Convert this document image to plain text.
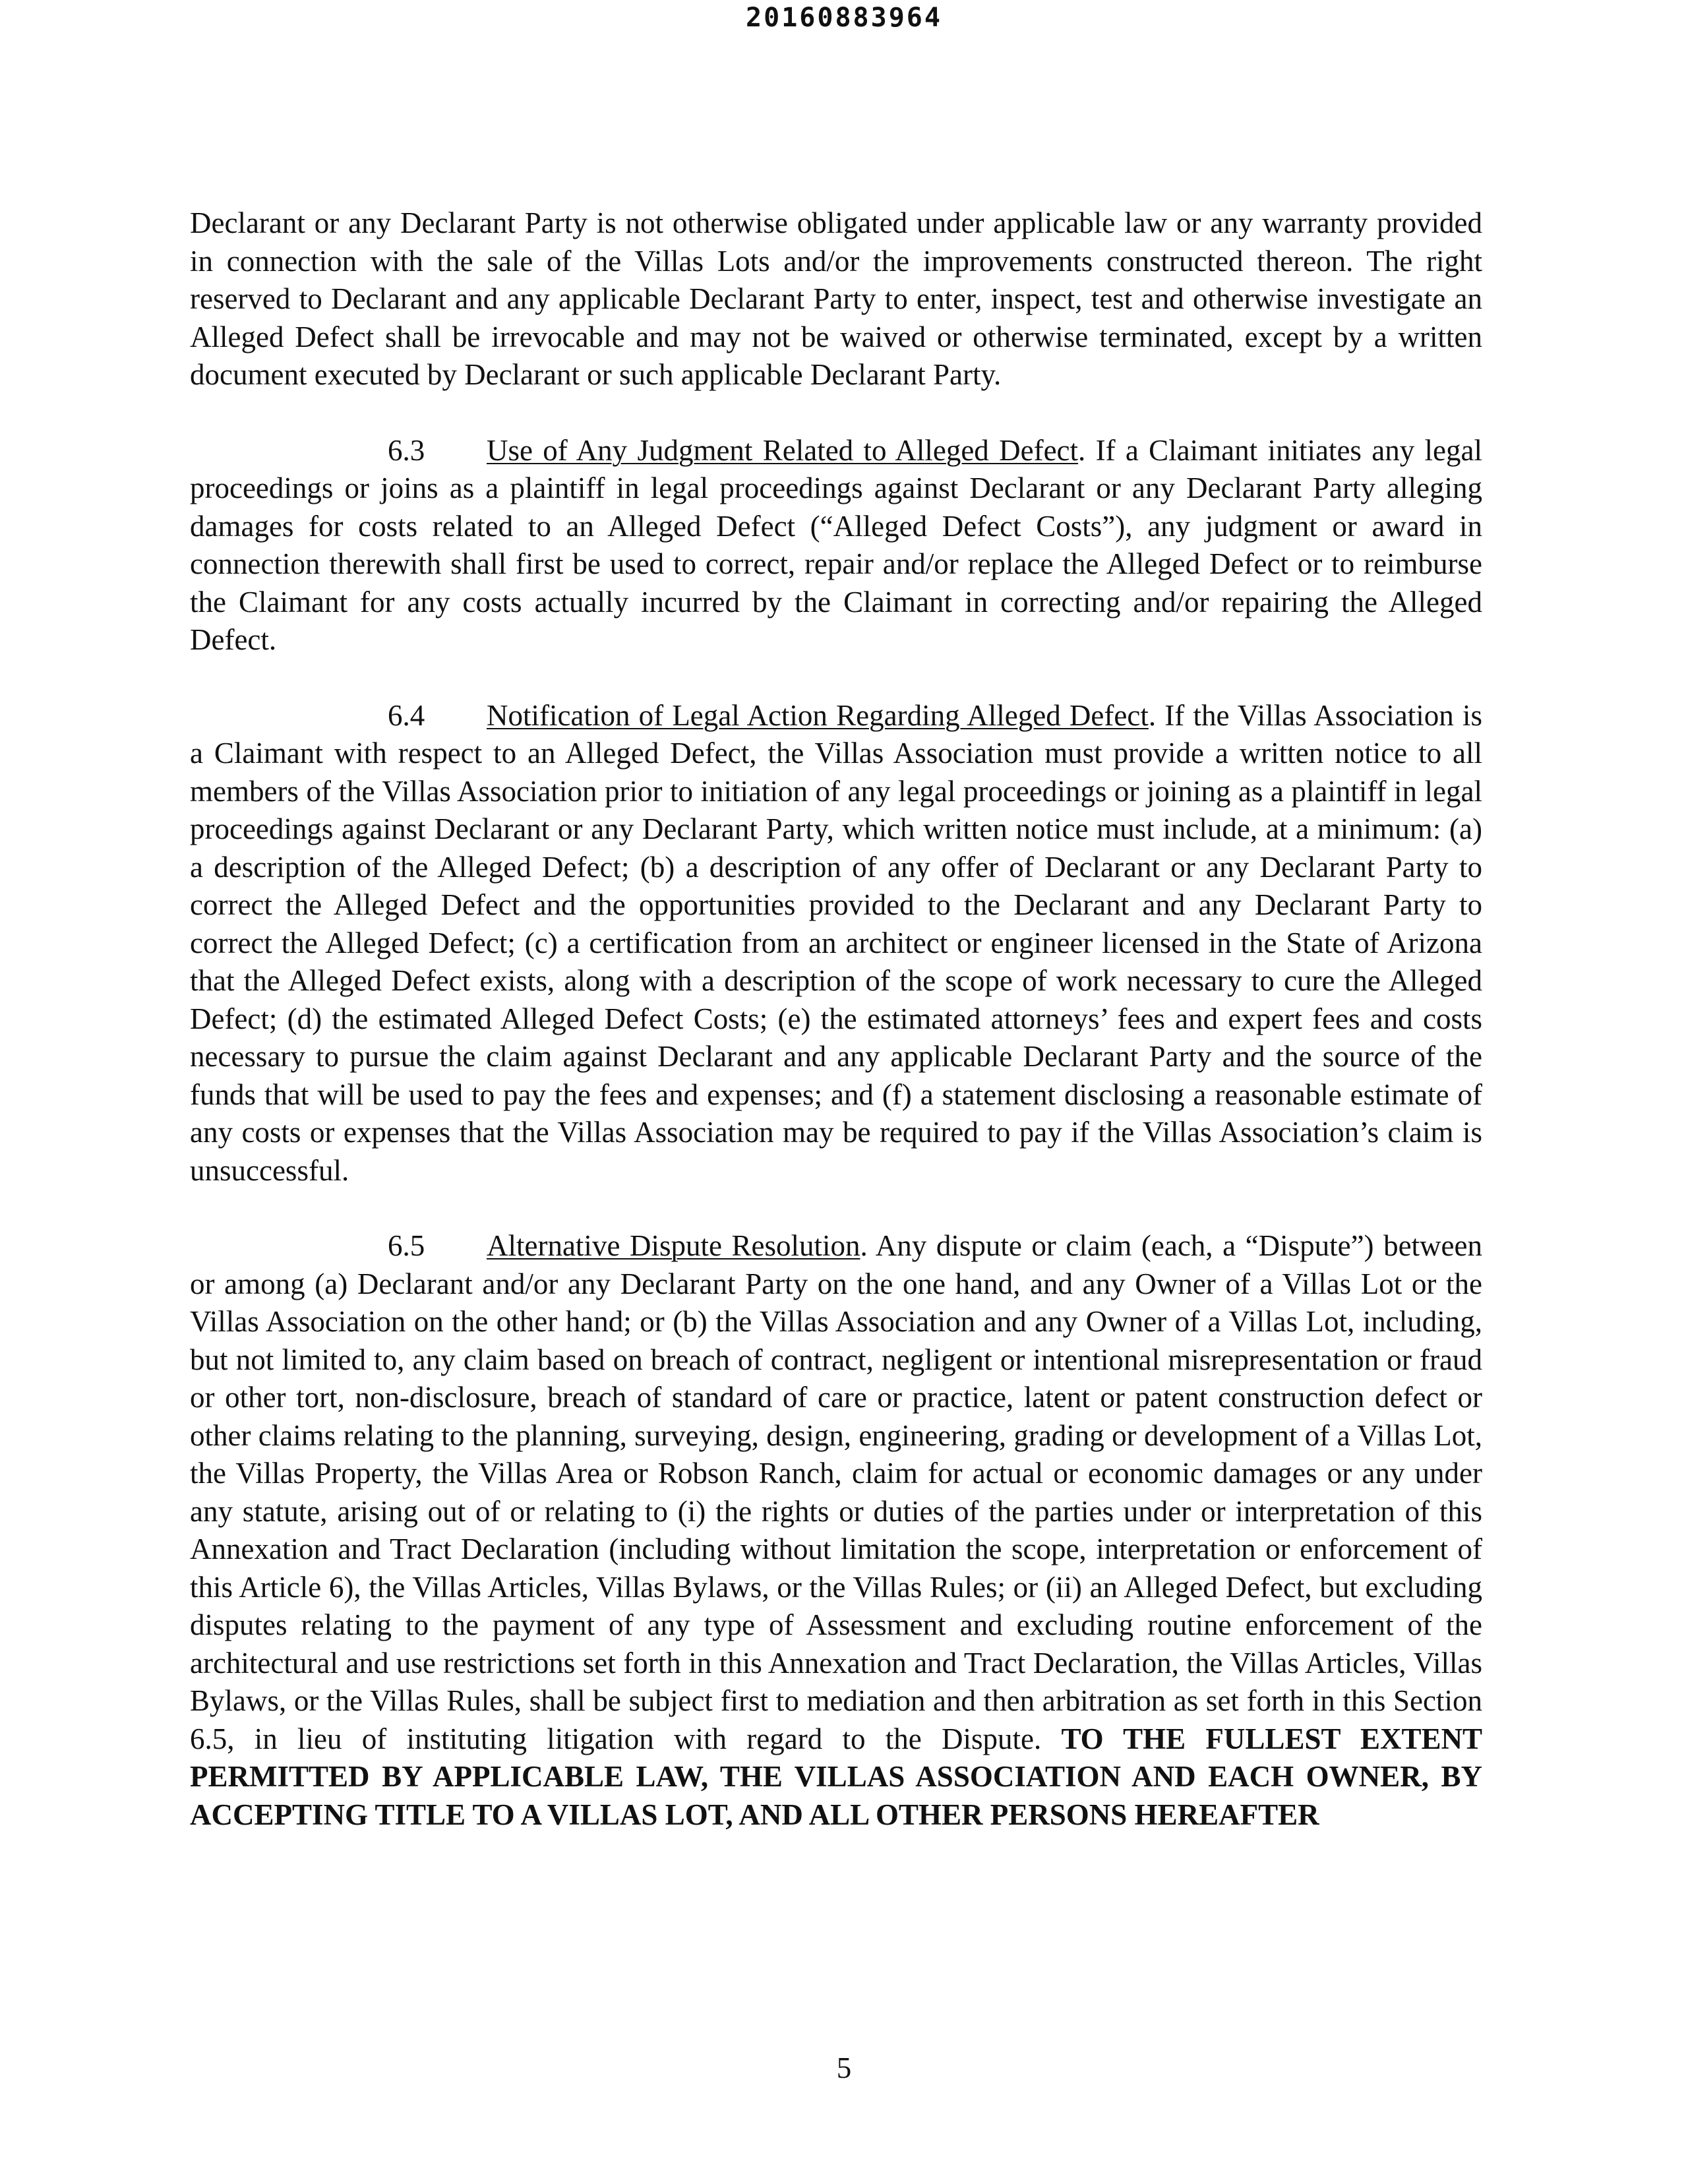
20160883964

Declarant or any Declarant Party is not otherwise obligated under applicable law or any warranty provided in connection with the sale of the Villas Lots and/or the improvements constructed thereon. The right reserved to Declarant and any applicable Declarant Party to enter, inspect, test and otherwise investigate an Alleged Defect shall be irrevocable and may not be waived or otherwise terminated, except by a written document executed by Declarant or such applicable Declarant Party.

6.3 Use of Any Judgment Related to Alleged Defect. If a Claimant initiates any legal proceedings or joins as a plaintiff in legal proceedings against Declarant or any Declarant Party alleging damages for costs related to an Alleged Defect (“Alleged Defect Costs”), any judgment or award in connection therewith shall first be used to correct, repair and/or replace the Alleged Defect or to reimburse the Claimant for any costs actually incurred by the Claimant in correcting and/or repairing the Alleged Defect.

6.4 Notification of Legal Action Regarding Alleged Defect. If the Villas Association is a Claimant with respect to an Alleged Defect, the Villas Association must provide a written notice to all members of the Villas Association prior to initiation of any legal proceedings or joining as a plaintiff in legal proceedings against Declarant or any Declarant Party, which written notice must include, at a minimum: (a) a description of the Alleged Defect; (b) a description of any offer of Declarant or any Declarant Party to correct the Alleged Defect and the opportunities provided to the Declarant and any Declarant Party to correct the Alleged Defect; (c) a certification from an architect or engineer licensed in the State of Arizona that the Alleged Defect exists, along with a description of the scope of work necessary to cure the Alleged Defect; (d) the estimated Alleged Defect Costs; (e) the estimated attorneys’ fees and expert fees and costs necessary to pursue the claim against Declarant and any applicable Declarant Party and the source of the funds that will be used to pay the fees and expenses; and (f) a statement disclosing a reasonable estimate of any costs or expenses that the Villas Association may be required to pay if the Villas Association’s claim is unsuccessful.

6.5 Alternative Dispute Resolution. Any dispute or claim (each, a “Dispute”) between or among (a) Declarant and/or any Declarant Party on the one hand, and any Owner of a Villas Lot or the Villas Association on the other hand; or (b) the Villas Association and any Owner of a Villas Lot, including, but not limited to, any claim based on breach of contract, negligent or intentional misrepresentation or fraud or other tort, non-disclosure, breach of standard of care or practice, latent or patent construction defect or other claims relating to the planning, surveying, design, engineering, grading or development of a Villas Lot, the Villas Property, the Villas Area or Robson Ranch, claim for actual or economic damages or any under any statute, arising out of or relating to (i) the rights or duties of the parties under or interpretation of this Annexation and Tract Declaration (including without limitation the scope, interpretation or enforcement of this Article 6), the Villas Articles, Villas Bylaws, or the Villas Rules; or (ii) an Alleged Defect, but excluding disputes relating to the payment of any type of Assessment and excluding routine enforcement of the architectural and use restrictions set forth in this Annexation and Tract Declaration, the Villas Articles, Villas Bylaws, or the Villas Rules, shall be subject first to mediation and then arbitration as set forth in this Section 6.5, in lieu of instituting litigation with regard to the Dispute. TO THE FULLEST EXTENT PERMITTED BY APPLICABLE LAW, THE VILLAS ASSOCIATION AND EACH OWNER, BY ACCEPTING TITLE TO A VILLAS LOT, AND ALL OTHER PERSONS HEREAFTER

5
